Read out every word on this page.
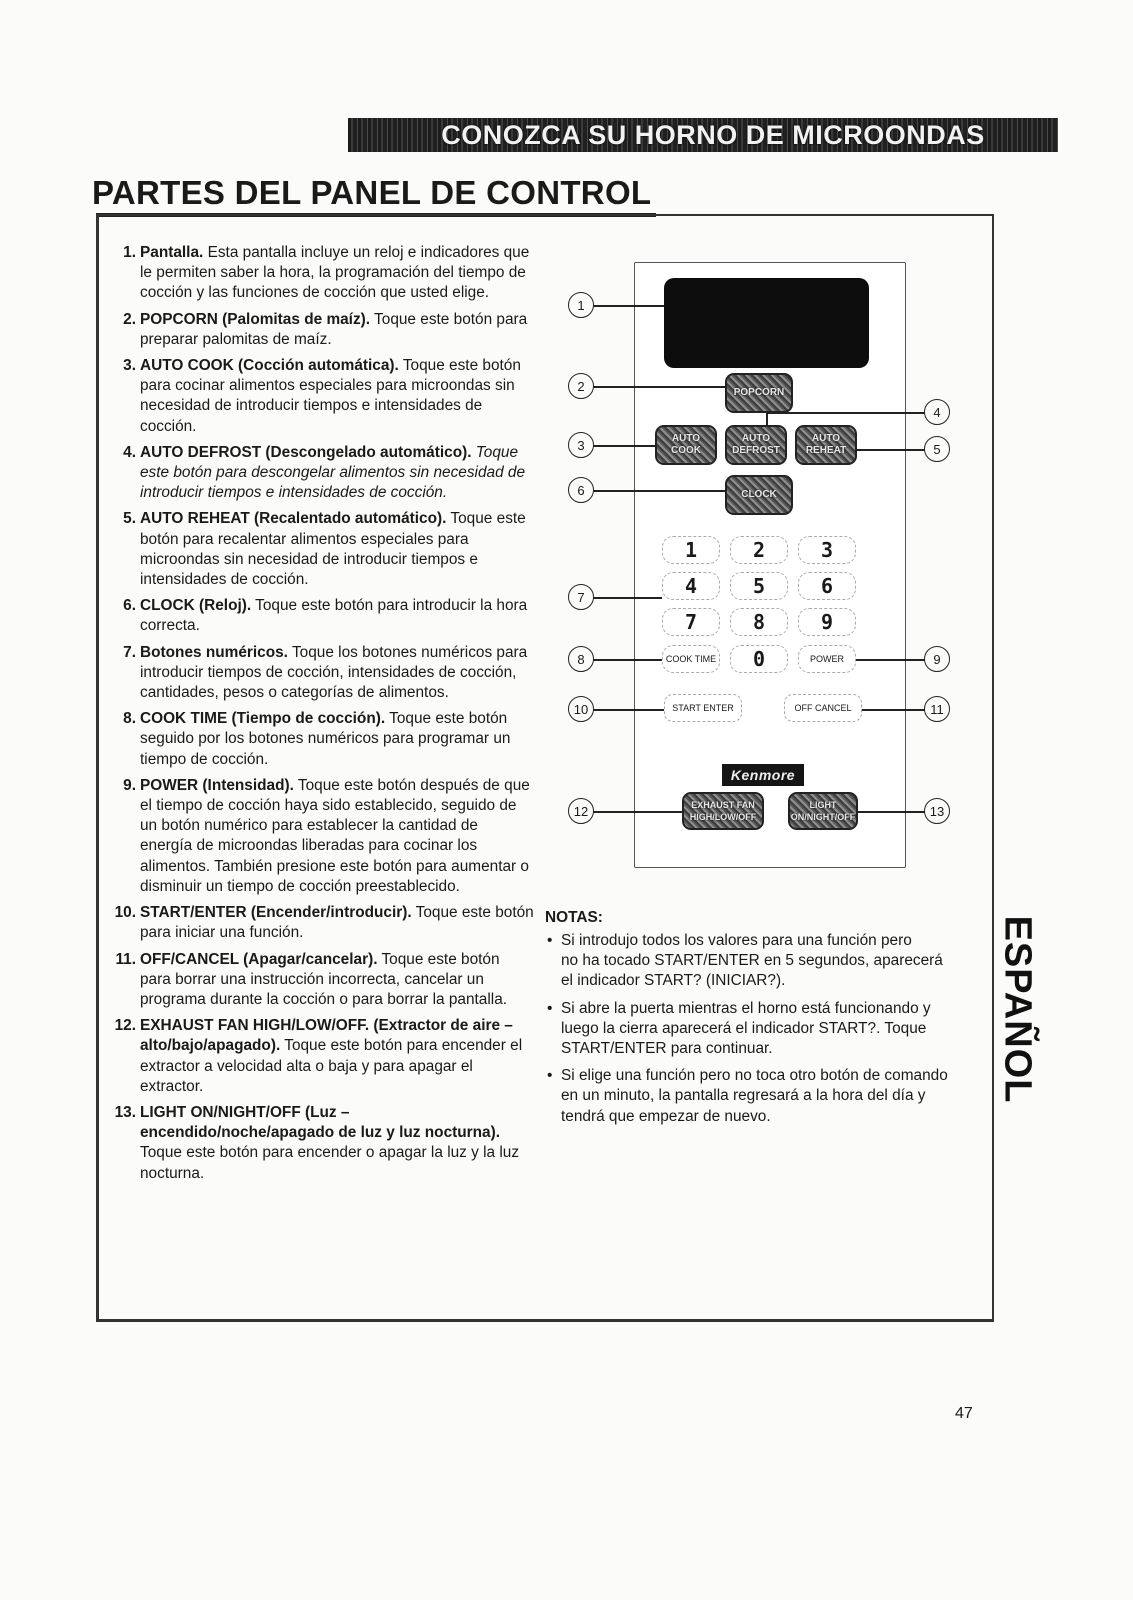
CONOZCA SU HORNO DE MICROONDAS
PARTES DEL PANEL DE CONTROL
1. Pantalla. Esta pantalla incluye un reloj e indicadores que le permiten saber la hora, la programación del tiempo de cocción y las funciones de cocción que usted elige.
2. POPCORN (Palomitas de maíz). Toque este botón para preparar palomitas de maíz.
3. AUTO COOK (Cocción automática). Toque este botón para cocinar alimentos especiales para microondas sin necesidad de introducir tiempos e intensidades de cocción.
4. AUTO DEFROST (Descongelado automático). Toque este botón para descongelar alimentos sin necesidad de introducir tiempos e intensidades de cocción.
5. AUTO REHEAT (Recalentado automático). Toque este botón para recalentar alimentos especiales para microondas sin necesidad de introducir tiempos e intensidades de cocción.
6. CLOCK (Reloj). Toque este botón para introducir la hora correcta.
7. Botones numéricos. Toque los botones numéricos para introducir tiempos de cocción, intensidades de cocción, cantidades, pesos o categorías de alimentos.
8. COOK TIME (Tiempo de cocción). Toque este botón seguido por los botones numéricos para programar un tiempo de cocción.
9. POWER (Intensidad). Toque este botón después de que el tiempo de cocción haya sido establecido, seguido de un botón numérico para establecer la cantidad de energía de microondas liberadas para cocinar los alimentos. También presione este botón para aumentar o disminuir un tiempo de cocción preestablecido.
10. START/ENTER (Encender/introducir). Toque este botón para iniciar una función.
11. OFF/CANCEL (Apagar/cancelar). Toque este botón para borrar una instrucción incorrecta, cancelar un programa durante la cocción o para borrar la pantalla.
12. EXHAUST FAN HIGH/LOW/OFF. (Extractor de aire – alto/bajo/apagado). Toque este botón para encender el extractor a velocidad alta o baja y para apagar el extractor.
13. LIGHT ON/NIGHT/OFF (Luz – encendido/noche/apagado de luz y luz nocturna). Toque este botón para encender o apagar la luz y la luz nocturna.
POPCORN
AUTO COOK
AUTO DEFROST
AUTO REHEAT
CLOCK
1	2	3
4	5	6
7	8	9
COOK TIME	0	POWER
START ENTER	OFF CANCEL
Kenmore
EXHAUST FAN HIGH/LOW/OFF
LIGHT ON/NIGHT/OFF
1
2
4
3	5
6
7
8	9
10	11
12	13
NOTAS:
• Si introdujo todos los valores para una función pero
no ha tocado START/ENTER en 5 segundos, aparecerá el indicador START? (INICIAR?).
• Si abre la puerta mientras el horno está funcionando y luego la cierra aparecerá el indicador START?. Toque START/ENTER para continuar.
• Si elige una función pero no toca otro botón de comando en un minuto, la pantalla regresará a la hora del día y tendrá que empezar de nuevo.
ESPAÑOL
47
